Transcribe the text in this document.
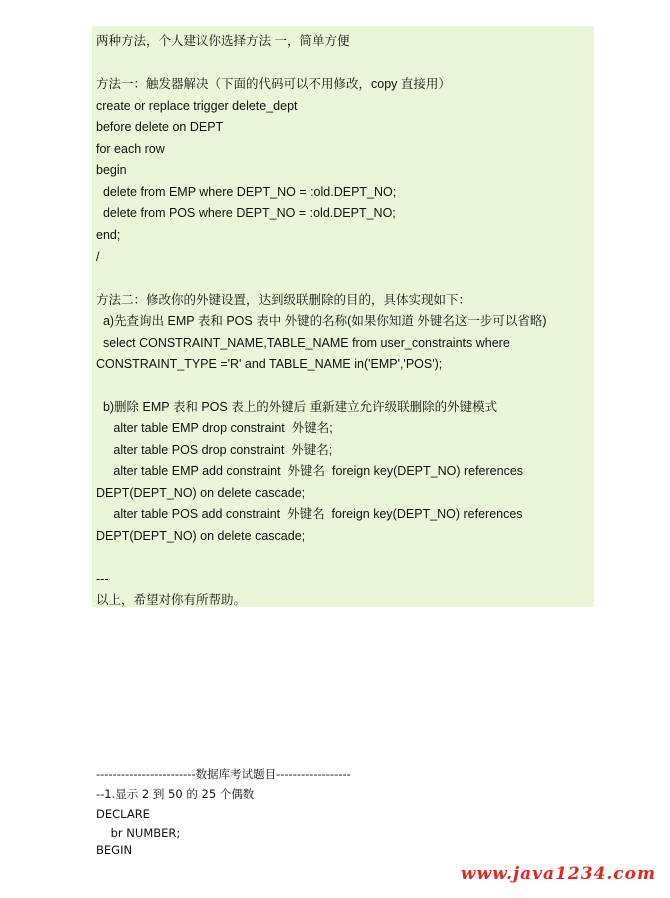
两种方法，个人建议你选择方法 一，简单方便
方法一：触发器解决（下面的代码可以不用修改，copy 直接用）
create or replace trigger delete_dept
before delete on DEPT
for each row
begin
delete from EMP where DEPT_NO = :old.DEPT_NO;
delete from POS where DEPT_NO = :old.DEPT_NO;
end;
/
方法二：修改你的外键设置，达到级联删除的目的，具体实现如下：
a)先查询出 EMP 表和 POS 表中 外键的名称(如果你知道 外键名这一步可以省略)
select CONSTRAINT_NAME,TABLE_NAME from user_constraints where
CONSTRAINT_TYPE ='R' and TABLE_NAME in('EMP','POS');
b)删除 EMP 表和 POS 表上的外键后 重新建立允许级联删除的外键模式
alter table EMP drop constraint  外键名;
alter table POS drop constraint  外键名;
alter table EMP add constraint  外键名  foreign key(DEPT_NO) references
DEPT(DEPT_NO) on delete cascade;
alter table POS add constraint  外键名  foreign key(DEPT_NO) references
DEPT(DEPT_NO) on delete cascade;
---
以上，希望对你有所帮助。
------------------------数据库考试题目------------------
--1.显示 2 到 50 的 25 个偶数
DECLARE
br NUMBER;
BEGIN
www.java1234.com
